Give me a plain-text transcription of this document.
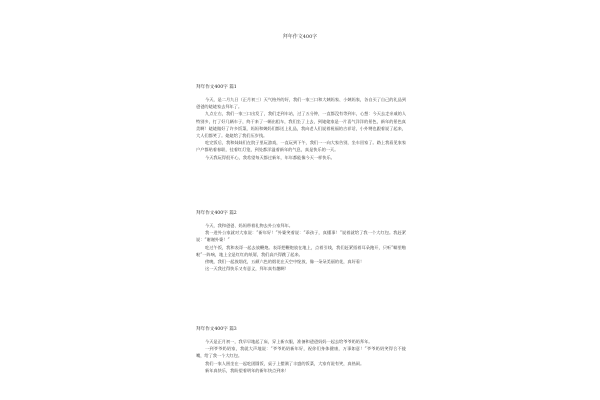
拜年作文400字
拜年作文400字 篇1

今天，是二月九日（正月初三）天气格外的好，我们一家三口和大姨妈家、小姨妈家，各自买了自己的礼品到爸爸的姥姥家去拜年了。

九点左右，我们一家三口出发了，我们走到车站，过了五分钟，一直都没有等到车，心想：今天去走亲戚的人特别多，打了好几辆车子，终于来了一辆出租车，我们坐了上去，到姥姥家是一片喜气洋洋的景色，新年的景色真美啊！姥姥做好了许多饭菜，妈妈和姨妈们都送上礼品，我向老人们说着祝福的吉祥话，小外甥也跟着说了起来，大人们都笑了。姥姥给了我们压岁钱。

吃完饭后，我和妹妹们在院子里玩游戏，一直玩到下午，我们一一向大家告别，坐车回家了。路上我看见家家户户都贴着春联，挂着红灯笼，到处都洋溢着新年的气息，真是快乐的一天。

今天我玩得很开心，我希望每天都过新年，年年都能像今天一样快乐。

拜年作文400字 篇2

今天，我和爸爸、妈妈带着礼物去外公家拜年。

我一进外公家就对大家说：“新年好！”外婆笑着说：“乖孩子，真懂事！”说着就给了我一个大红包。我赶紧说：“谢谢外婆！”

吃过午饭，我和表哥一起去放鞭炮。表哥把鞭炮放在地上，点着引线，我们赶紧捂着耳朵跑开，只听“噼里啪啦”一阵响，地上全是红红的纸屑，我们高兴得跳了起来。

傍晚，我们一起放烟花，五颜六色的烟花在天空中绽放，像一朵朵美丽的花，真好看！

这一天我过得快乐又有意义，拜年真有趣啊！

拜年作文400字 篇3

今天是正月初一，我早早地起了床，穿上新衣服，准备和爸爸妈妈一起去给爷爷奶奶拜年。

一到爷爷奶奶家，我就大声地说：“爷爷奶奶新年好，祝你们身体健康，万事如意！”爷爷奶奶笑得合不拢嘴，给了我一个大红包。

我们一家人围坐在一起吃团圆饭，桌子上摆满了丰盛的饭菜，大家有说有笑，真热闹。

新年真快乐，我盼望着明年的新年快点到来！
